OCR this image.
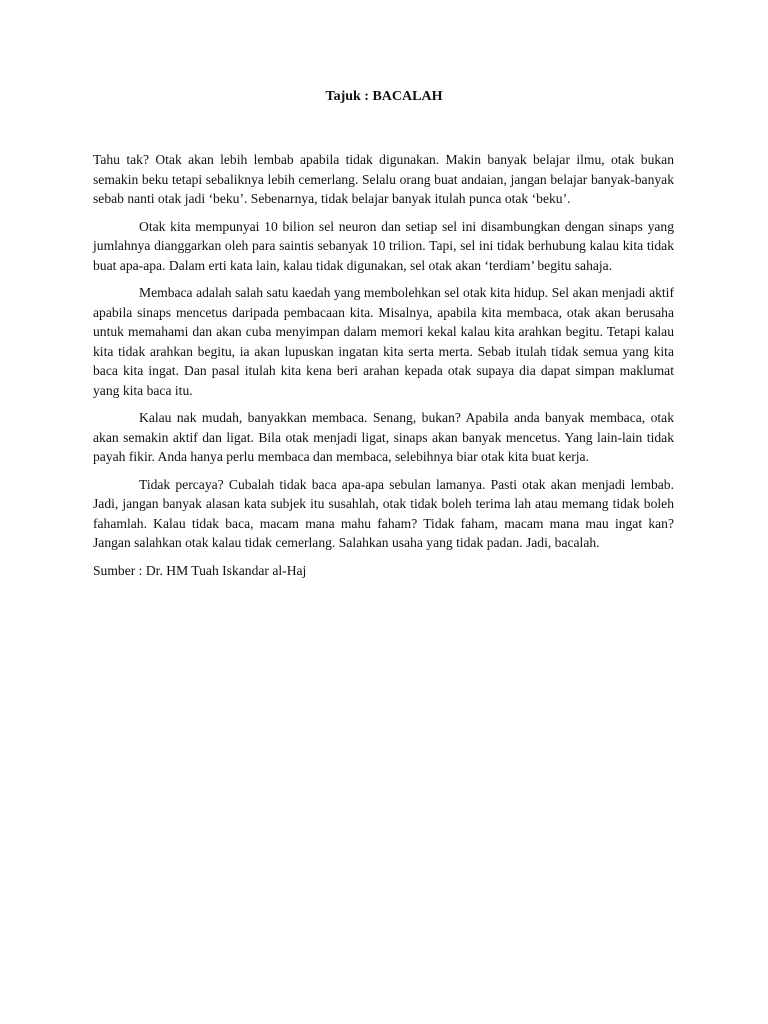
Tajuk : BACALAH

Tahu tak? Otak akan lebih lembab apabila tidak digunakan. Makin banyak belajar ilmu, otak bukan semakin beku tetapi sebaliknya lebih cemerlang. Selalu orang buat andaian, jangan belajar banyak-banyak sebab nanti otak jadi ‘beku’. Sebenarnya, tidak belajar banyak itulah punca otak ‘beku’.

Otak kita mempunyai 10 bilion sel neuron dan setiap sel ini disambungkan dengan sinaps yang jumlahnya dianggarkan oleh para saintis sebanyak 10 trilion. Tapi, sel ini tidak berhubung kalau kita tidak buat apa-apa. Dalam erti kata lain, kalau tidak digunakan, sel otak akan ‘terdiam’ begitu sahaja.

Membaca adalah salah satu kaedah yang membolehkan sel otak kita hidup. Sel akan menjadi aktif apabila sinaps mencetus daripada pembacaan kita. Misalnya, apabila kita membaca, otak akan berusaha untuk memahami dan akan cuba menyimpan dalam memori kekal kalau kita arahkan begitu. Tetapi kalau kita tidak arahkan begitu, ia akan lupuskan ingatan kita serta merta. Sebab itulah tidak semua yang kita baca kita ingat. Dan pasal itulah kita kena beri arahan kepada otak supaya dia dapat simpan maklumat yang kita baca itu.

Kalau nak mudah, banyakkan membaca. Senang, bukan? Apabila anda banyak membaca, otak akan semakin aktif dan ligat. Bila otak menjadi ligat, sinaps akan banyak mencetus. Yang lain-lain tidak payah fikir. Anda hanya perlu membaca dan membaca, selebihnya biar otak kita buat kerja.

Tidak percaya? Cubalah tidak baca apa-apa sebulan lamanya. Pasti otak akan menjadi lembab. Jadi, jangan banyak alasan kata subjek itu susahlah, otak tidak boleh terima lah atau memang tidak boleh fahamlah. Kalau tidak baca, macam mana mahu faham? Tidak faham, macam mana mau ingat kan? Jangan salahkan otak kalau tidak cemerlang. Salahkan usaha yang tidak padan. Jadi, bacalah.

Sumber : Dr. HM Tuah Iskandar al-Haj
